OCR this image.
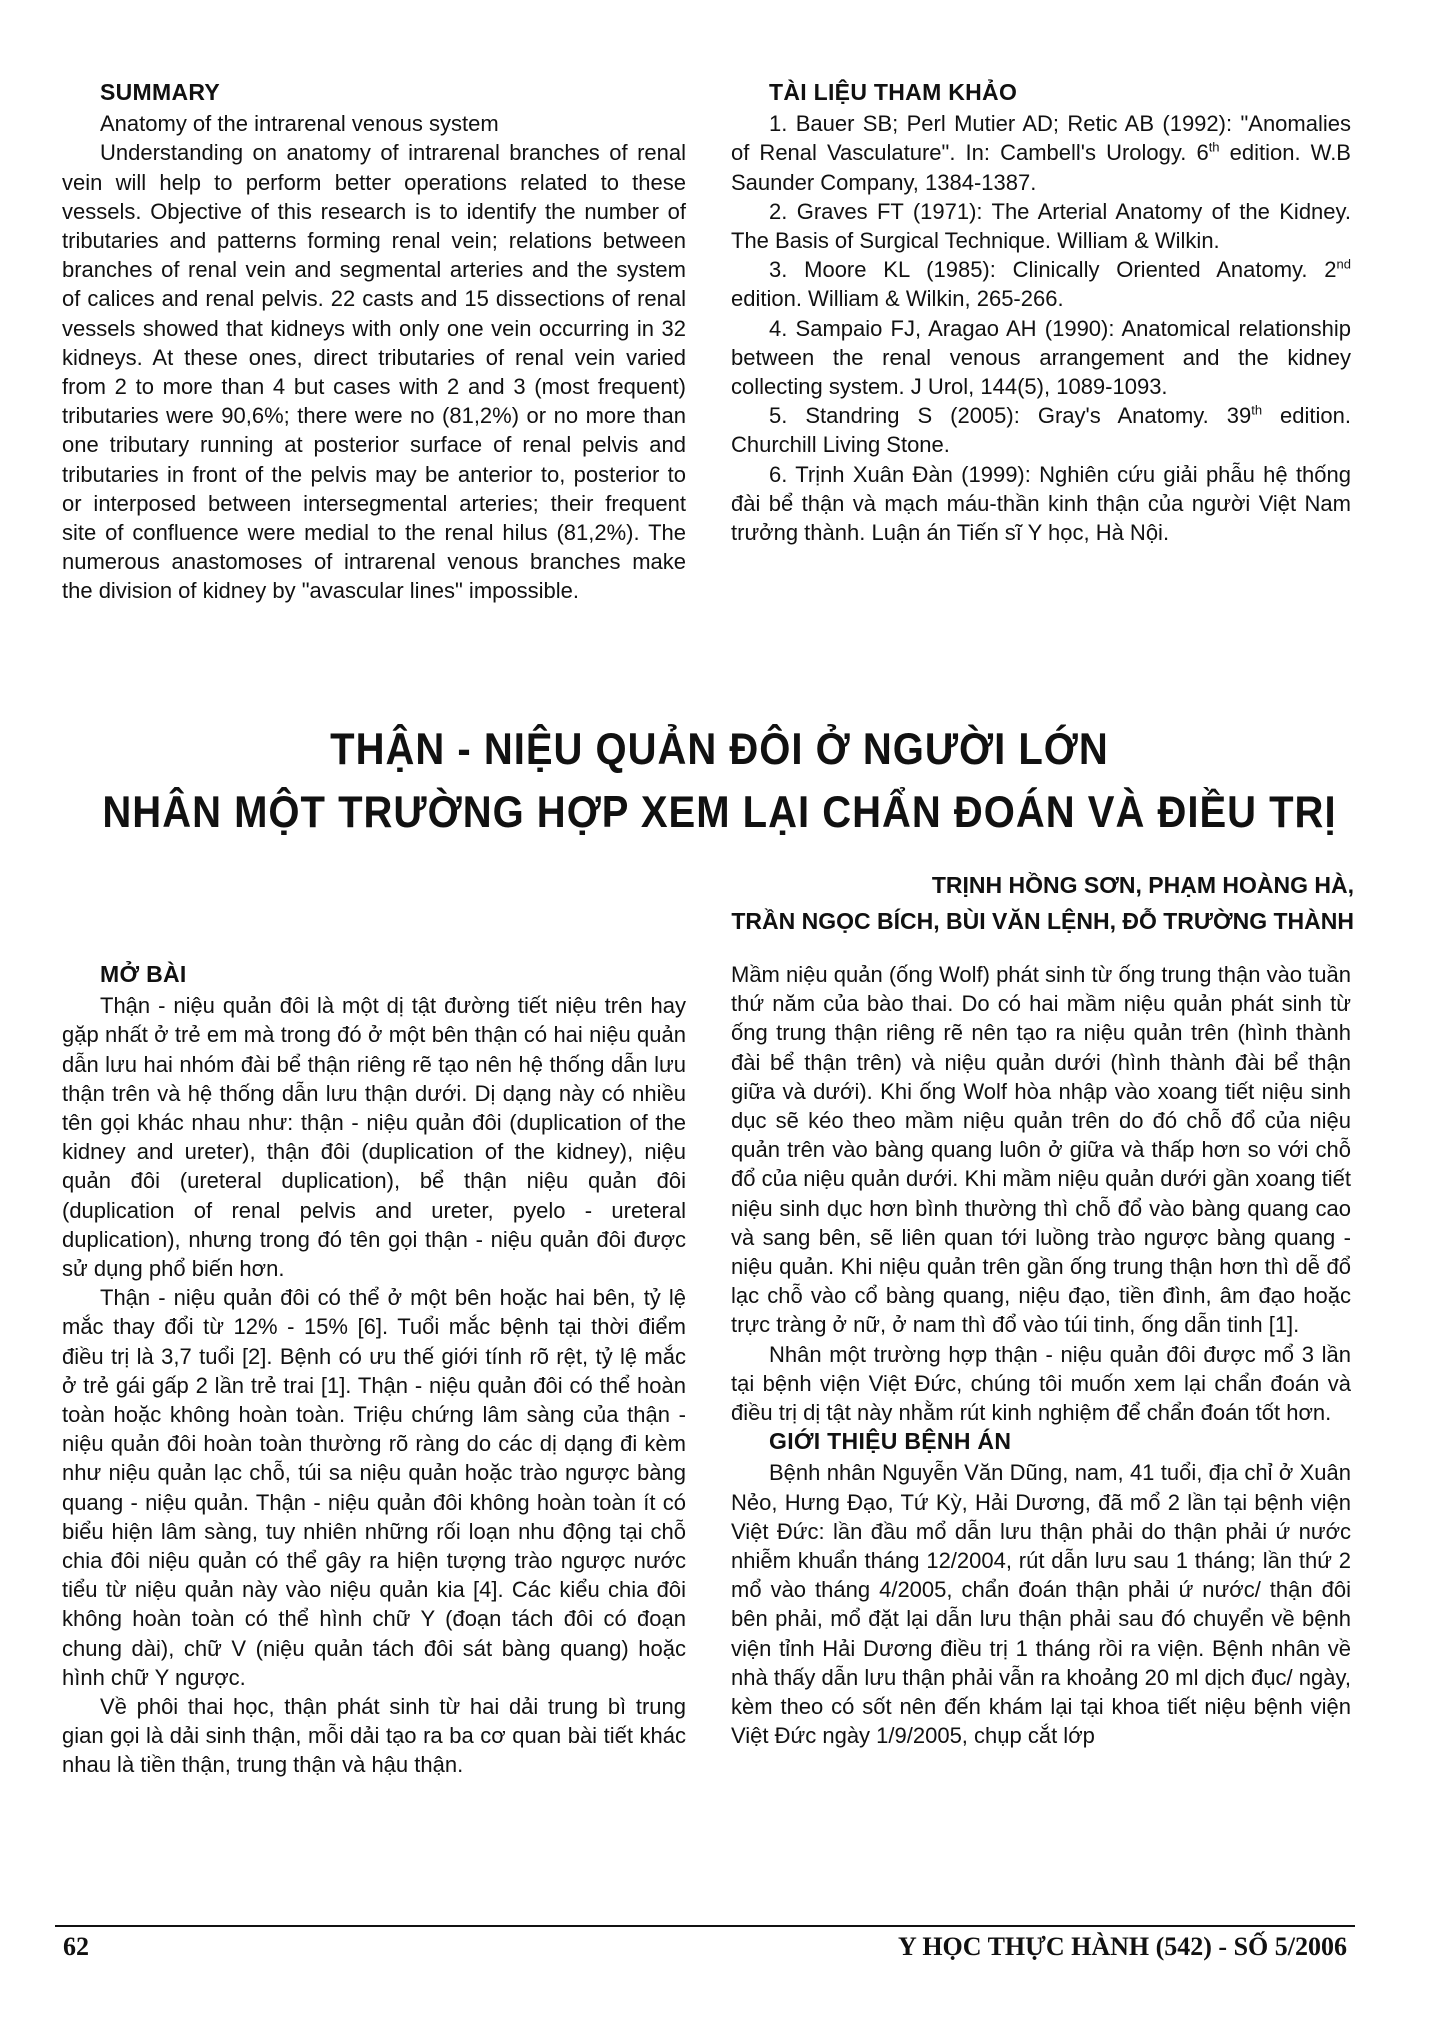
SUMMARY

Anatomy of the intrarenal venous system

Understanding on anatomy of intrarenal branches of renal vein will help to perform better operations related to these vessels. Objective of this research is to identify the number of tributaries and patterns forming renal vein; relations between branches of renal vein and segmental arteries and the system of calices and renal pelvis. 22 casts and 15 dissections of renal vessels showed that kidneys with only one vein occurring in 32 kidneys. At these ones, direct tributaries of renal vein varied from 2 to more than 4 but cases with 2 and 3 (most frequent) tributaries were 90,6%; there were no (81,2%) or no more than one tributary running at posterior surface of renal pelvis and tributaries in front of the pelvis may be anterior to, posterior to or interposed between intersegmental arteries; their frequent site of confluence were medial to the renal hilus (81,2%). The numerous anastomoses of intrarenal venous branches make the division of kidney by "avascular lines" impossible.

TÀI LIỆU THAM KHẢO

1. Bauer SB; Perl Mutier AD; Retic AB (1992): "Anomalies of Renal Vasculature". In: Cambell's Urology. 6th edition. W.B Saunder Company, 1384-1387.

2. Graves FT (1971): The Arterial Anatomy of the Kidney. The Basis of Surgical Technique. William & Wilkin.

3. Moore KL (1985): Clinically Oriented Anatomy. 2nd edition. William & Wilkin, 265-266.

4. Sampaio FJ, Aragao AH (1990): Anatomical relationship between the renal venous arrangement and the kidney collecting system. J Urol, 144(5), 1089-1093.

5. Standring S (2005): Gray's Anatomy. 39th edition. Churchill Living Stone.

6. Trịnh Xuân Đàn (1999): Nghiên cứu giải phẫu hệ thống đài bể thận và mạch máu-thần kinh thận của người Việt Nam trưởng thành. Luận án Tiến sĩ Y học, Hà Nội.

THẬN - NIỆU QUẢN ĐÔI Ở NGƯỜI LỚN
NHÂN MỘT TRƯỜNG HỢP XEM LẠI CHẨN ĐOÁN VÀ ĐIỀU TRỊ
TRỊNH HỒNG SƠN, PHẠM HOÀNG HÀ,
TRẦN NGỌC BÍCH, BÙI VĂN LỆNH, ĐỖ TRƯỜNG THÀNH
MỞ BÀI

Thận - niệu quản đôi là một dị tật đường tiết niệu trên hay gặp nhất ở trẻ em mà trong đó ở một bên thận có hai niệu quản dẫn lưu hai nhóm đài bể thận riêng rẽ tạo nên hệ thống dẫn lưu thận trên và hệ thống dẫn lưu thận dưới. Dị dạng này có nhiều tên gọi khác nhau như: thận - niệu quản đôi (duplication of the kidney and ureter), thận đôi (duplication of the kidney), niệu quản đôi (ureteral duplication), bể thận niệu quản đôi (duplication of renal pelvis and ureter, pyelo - ureteral duplication), nhưng trong đó tên gọi thận - niệu quản đôi được sử dụng phổ biến hơn.

Thận - niệu quản đôi có thể ở một bên hoặc hai bên, tỷ lệ mắc thay đổi từ 12% - 15% [6]. Tuổi mắc bệnh tại thời điểm điều trị là 3,7 tuổi [2]. Bệnh có ưu thế giới tính rõ rệt, tỷ lệ mắc ở trẻ gái gấp 2 lần trẻ trai [1]. Thận - niệu quản đôi có thể hoàn toàn hoặc không hoàn toàn. Triệu chứng lâm sàng của thận - niệu quản đôi hoàn toàn thường rõ ràng do các dị dạng đi kèm như niệu quản lạc chỗ, túi sa niệu quản hoặc trào ngược bàng quang - niệu quản. Thận - niệu quản đôi không hoàn toàn ít có biểu hiện lâm sàng, tuy nhiên những rối loạn nhu động tại chỗ chia đôi niệu quản có thể gây ra hiện tượng trào ngược nước tiểu từ niệu quản này vào niệu quản kia [4]. Các kiểu chia đôi không hoàn toàn có thể hình chữ Y (đoạn tách đôi có đoạn chung dài), chữ V (niệu quản tách đôi sát bàng quang) hoặc hình chữ Y ngược.

Về phôi thai học, thận phát sinh từ hai dải trung bì trung gian gọi là dải sinh thận, mỗi dải tạo ra ba cơ quan bài tiết khác nhau là tiền thận, trung thận và hậu thận.

Mầm niệu quản (ống Wolf) phát sinh từ ống trung thận vào tuần thứ năm của bào thai. Do có hai mầm niệu quản phát sinh từ ống trung thận riêng rẽ nên tạo ra niệu quản trên (hình thành đài bể thận trên) và niệu quản dưới (hình thành đài bể thận giữa và dưới). Khi ống Wolf hòa nhập vào xoang tiết niệu sinh dục sẽ kéo theo mầm niệu quản trên do đó chỗ đổ của niệu quản trên vào bàng quang luôn ở giữa và thấp hơn so với chỗ đổ của niệu quản dưới. Khi mầm niệu quản dưới gần xoang tiết niệu sinh dục hơn bình thường thì chỗ đổ vào bàng quang cao và sang bên, sẽ liên quan tới luồng trào ngược bàng quang - niệu quản. Khi niệu quản trên gần ống trung thận hơn thì dễ đổ lạc chỗ vào cổ bàng quang, niệu đạo, tiền đình, âm đạo hoặc trực tràng ở nữ, ở nam thì đổ vào túi tinh, ống dẫn tinh [1].

Nhân một trường hợp thận - niệu quản đôi được mổ 3 lần tại bệnh viện Việt Đức, chúng tôi muốn xem lại chẩn đoán và điều trị dị tật này nhằm rút kinh nghiệm để chẩn đoán tốt hơn.

GIỚI THIỆU BỆNH ÁN

Bệnh nhân Nguyễn Văn Dũng, nam, 41 tuổi, địa chỉ ở Xuân Nẻo, Hưng Đạo, Tứ Kỳ, Hải Dương, đã mổ 2 lần tại bệnh viện Việt Đức: lần đầu mổ dẫn lưu thận phải do thận phải ứ nước nhiễm khuẩn tháng 12/2004, rút dẫn lưu sau 1 tháng; lần thứ 2 mổ vào tháng 4/2005, chẩn đoán thận phải ứ nước/ thận đôi bên phải, mổ đặt lại dẫn lưu thận phải sau đó chuyển về bệnh viện tỉnh Hải Dương điều trị 1 tháng rồi ra viện. Bệnh nhân về nhà thấy dẫn lưu thận phải vẫn ra khoảng 20 ml dịch đục/ ngày, kèm theo có sốt nên đến khám lại tại khoa tiết niệu bệnh viện Việt Đức ngày 1/9/2005, chụp cắt lớp

62	Y HỌC THỰC HÀNH (542) - SỐ 5/2006
